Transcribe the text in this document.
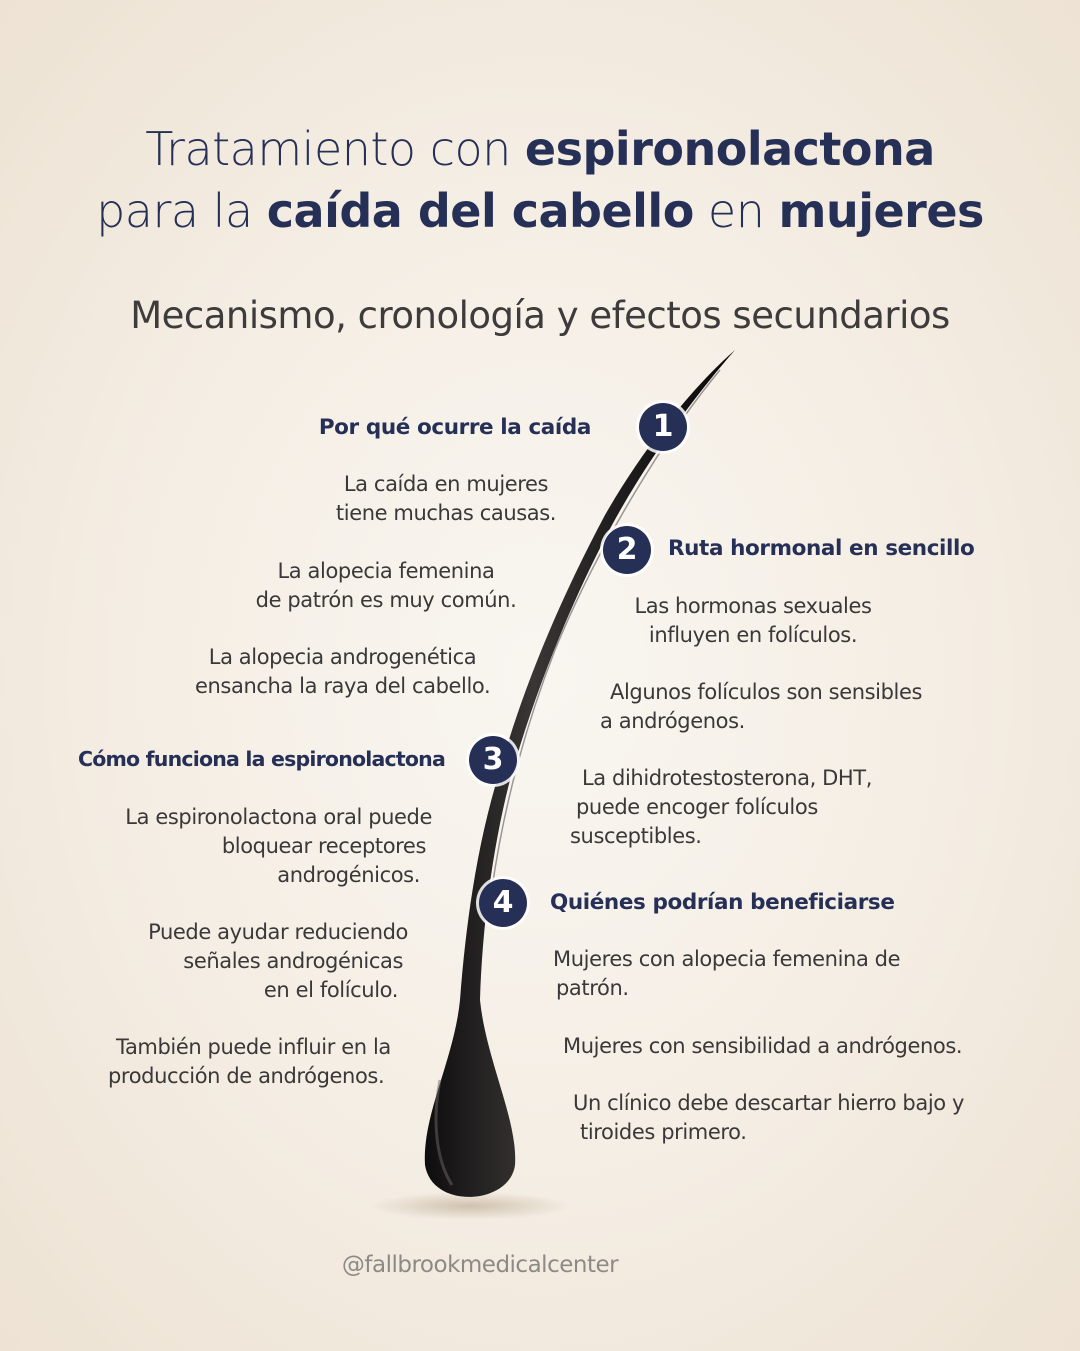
Tratamiento con espironolactona
para la caída del cabello en mujeres
Mecanismo, cronología y efectos secundarios
1
Por qué ocurre la caída
La caída en mujeres
tiene muchas causas.
La alopecia femenina
de patrón es muy común.
La alopecia androgenética
ensancha la raya del cabello.
2	Ruta hormonal en sencillo
Las hormonas sexuales
influyen en folículos.
Algunos folículos son sensibles
a andrógenos.
La dihidrotestosterona, DHT,
puede encoger folículos
susceptibles.
3
Cómo funciona la espironolactona
La espironolactona oral puede
bloquear receptores
androgénicos.
Puede ayudar reduciendo
señales androgénicas
en el folículo.
También puede influir en la
producción de andrógenos.
4	Quiénes podrían beneficiarse
Mujeres con alopecia femenina de
patrón.
Mujeres con sensibilidad a andrógenos.
Un clínico debe descartar hierro bajo y
tiroides primero.
@fallbrookmedicalcenter
